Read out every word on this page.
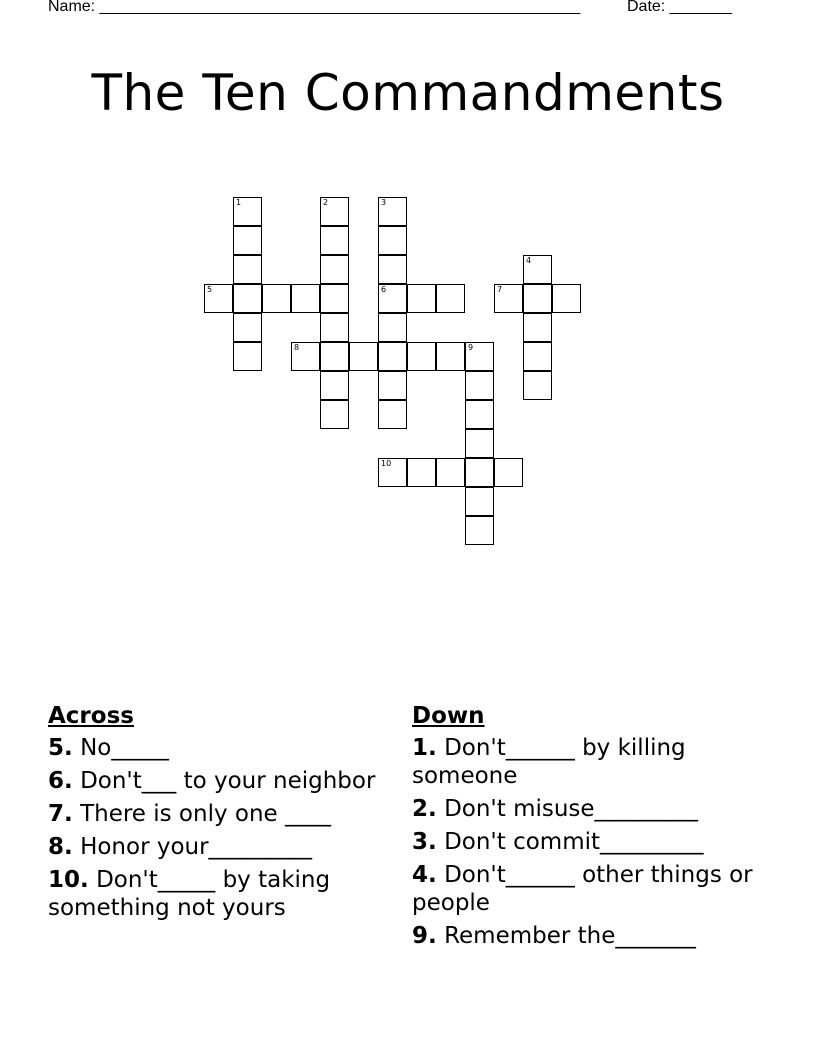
Name: ______________________________________________________	Date: _______
The Ten Commandments
1	2	3
6
4
5	7
8	9
10
Across
5. No_____
6. Don't___ to your neighbor
7. There is only one ____
8. Honor your_________
10. Don't_____ by taking something not yours
Down
1. Don't______ by killing someone
2. Don't misuse_________
3. Don't commit_________
4. Don't______ other things or people
9. Remember the_______
